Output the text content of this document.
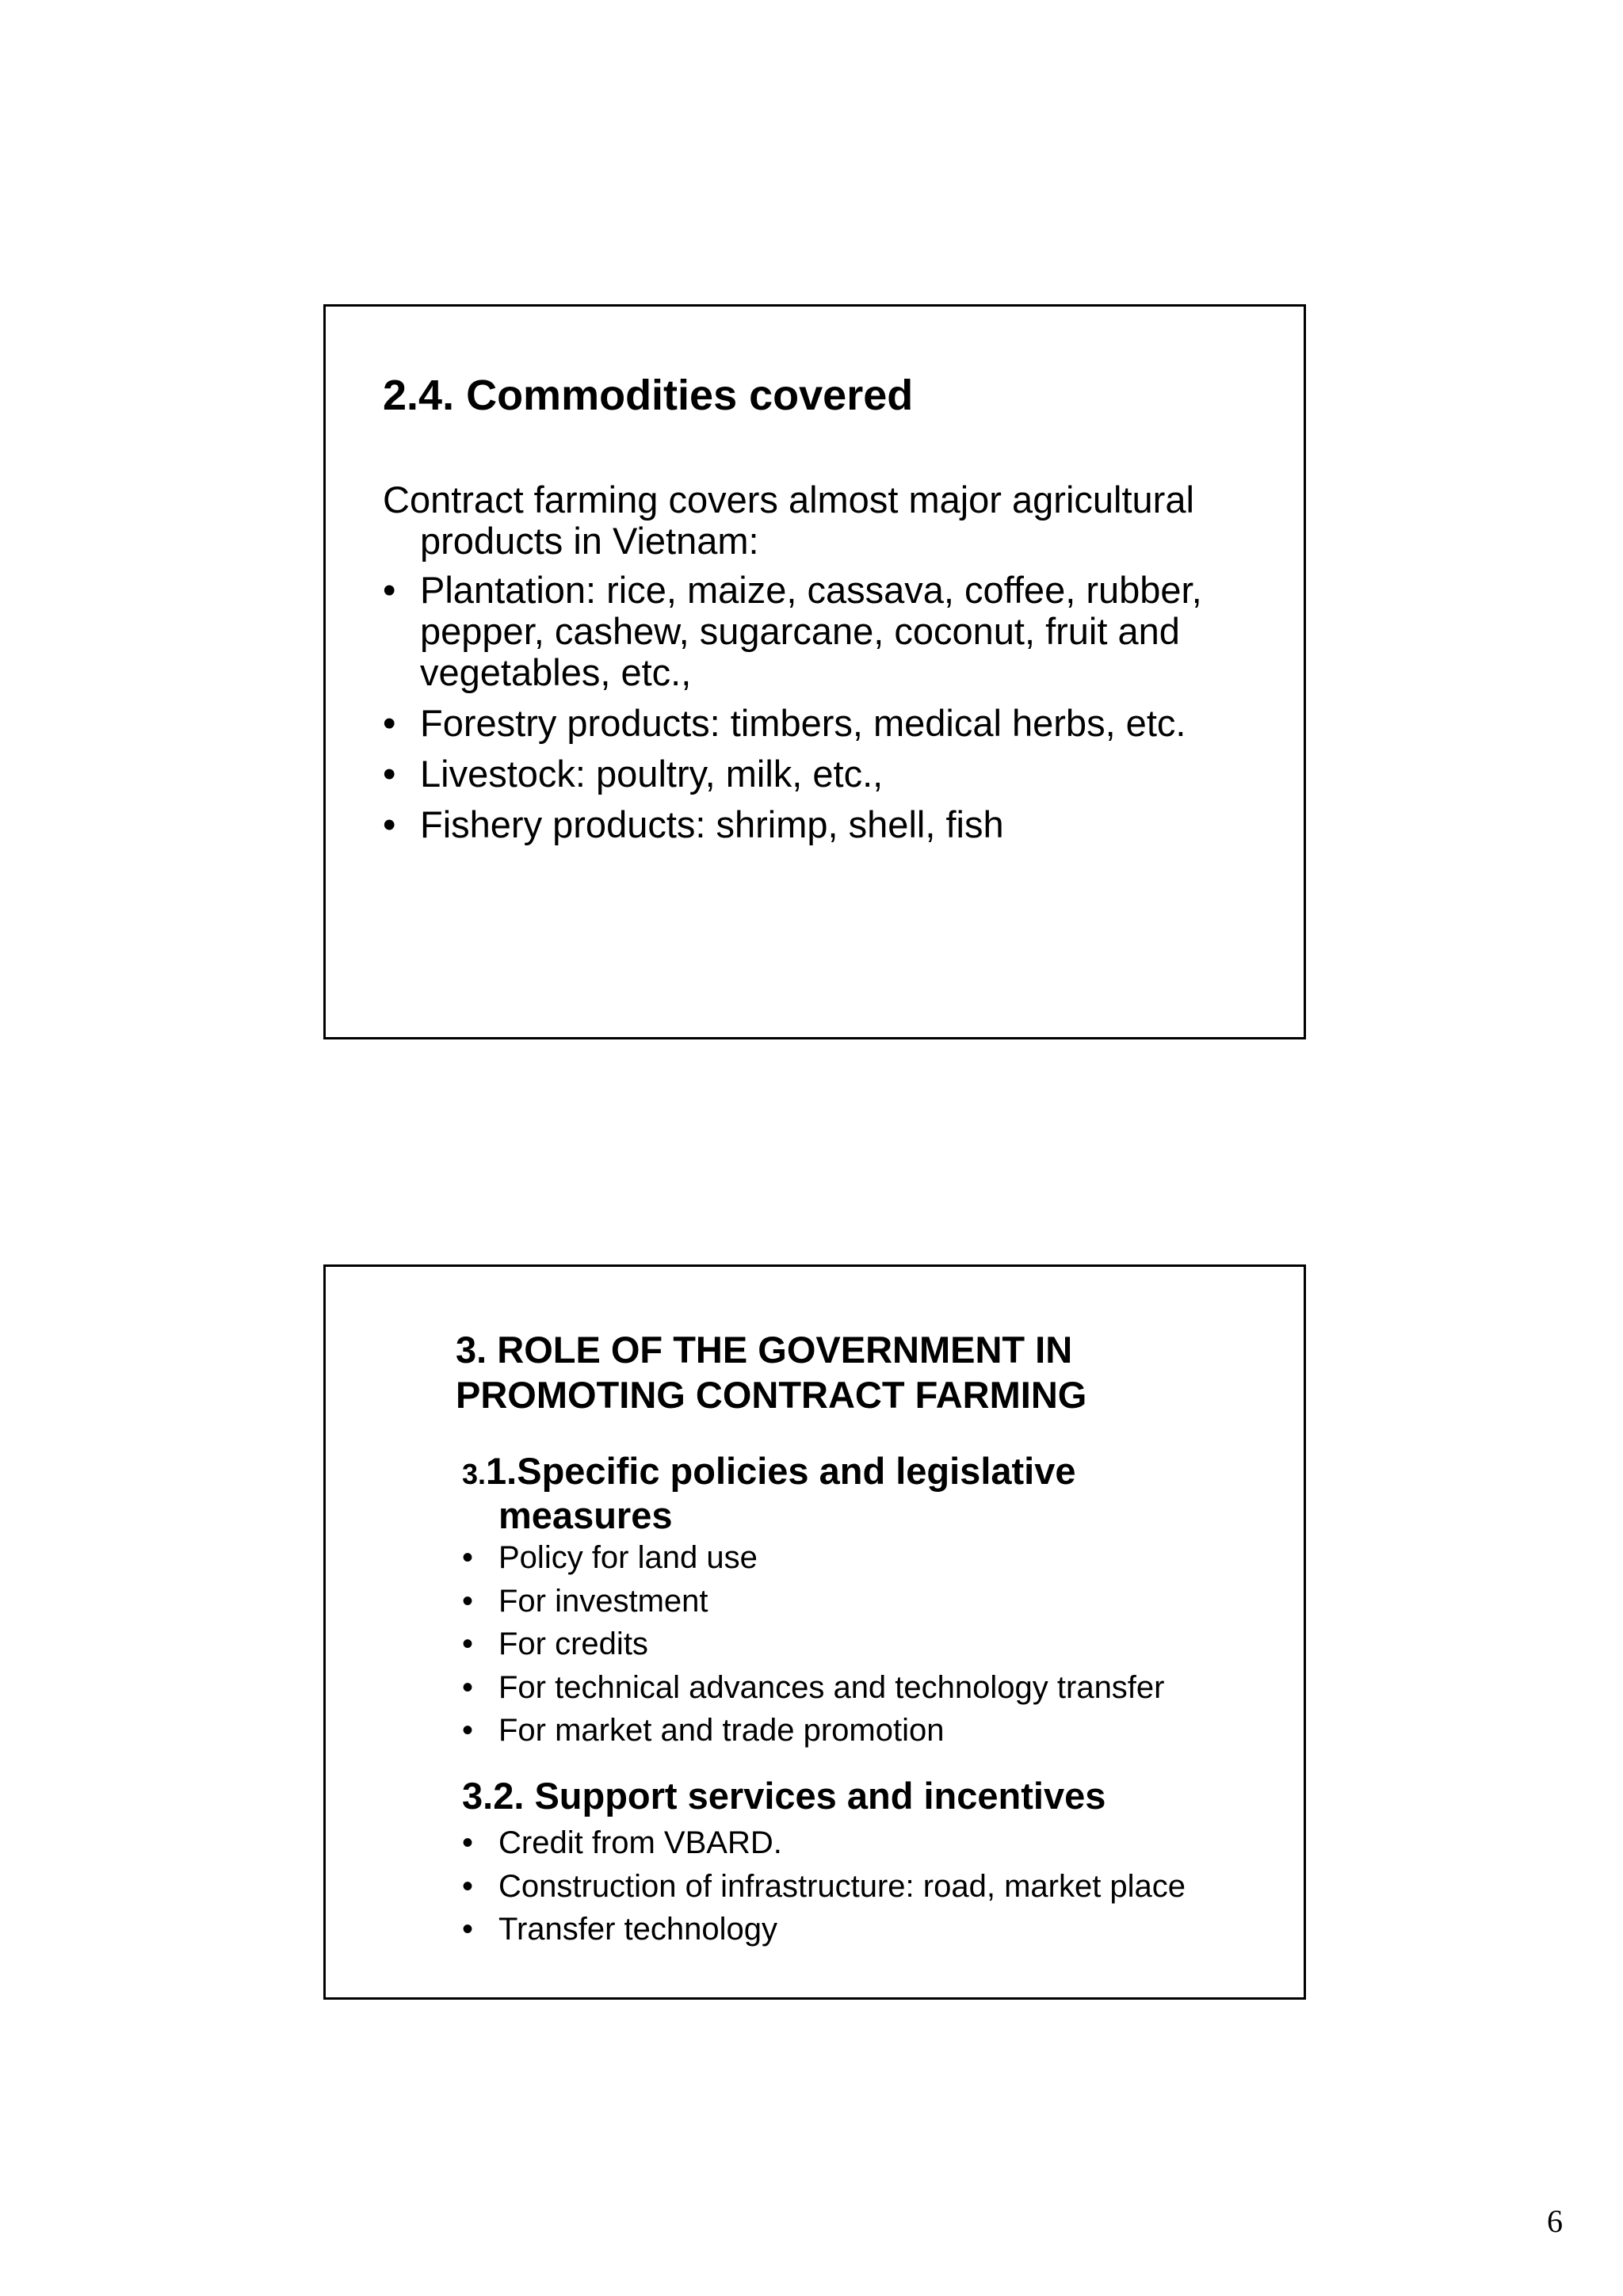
2.4. Commodities covered

Contract farming covers almost major agricultural products in Vietnam:

• Plantation: rice, maize, cassava, coffee, rubber, pepper, cashew, sugarcane, coconut, fruit and vegetables, etc.,
• Forestry products: timbers, medical herbs, etc.
• Livestock: poultry, milk, etc.,
• Fishery products: shrimp, shell, fish
3. ROLE OF THE GOVERNMENT IN PROMOTING CONTRACT FARMING
3.1.Specific policies and legislative
measures
• Policy for land use
• For investment
• For credits
• For technical advances and technology transfer
• For market and trade promotion
3.2. Support services and incentives
• Credit from VBARD.
• Construction of infrastructure: road, market place
• Transfer technology
6
